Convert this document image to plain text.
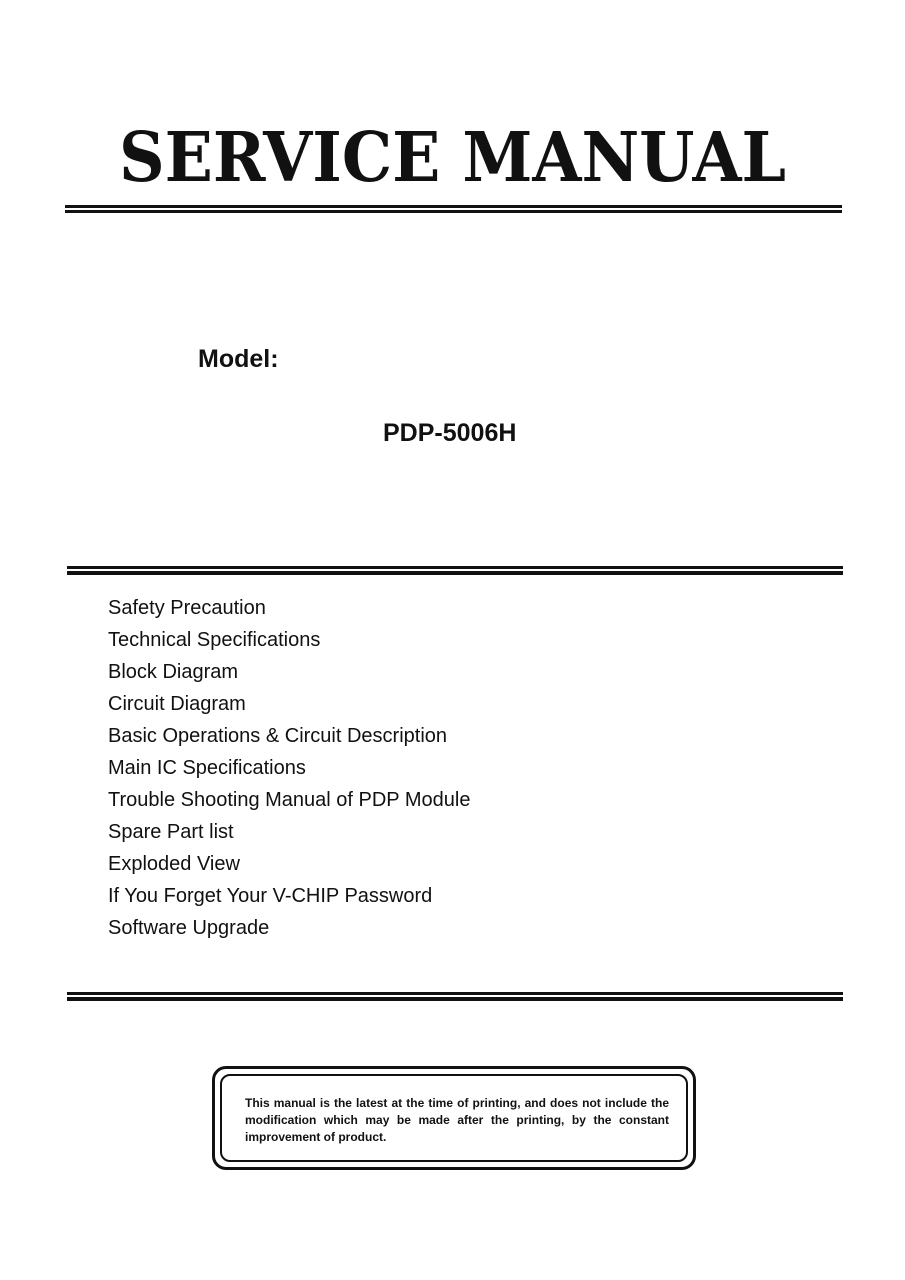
SERVICE MANUAL
Model:
PDP-5006H
Safety Precaution
Technical Specifications
Block Diagram
Circuit Diagram
Basic Operations & Circuit Description
Main IC Specifications
Trouble Shooting Manual of PDP Module
Spare Part list
Exploded View
If You Forget Your V-CHIP Password
Software Upgrade

This manual is the latest at the time of printing, and does not include the modification which may be made after the printing, by the constant improvement of product.
